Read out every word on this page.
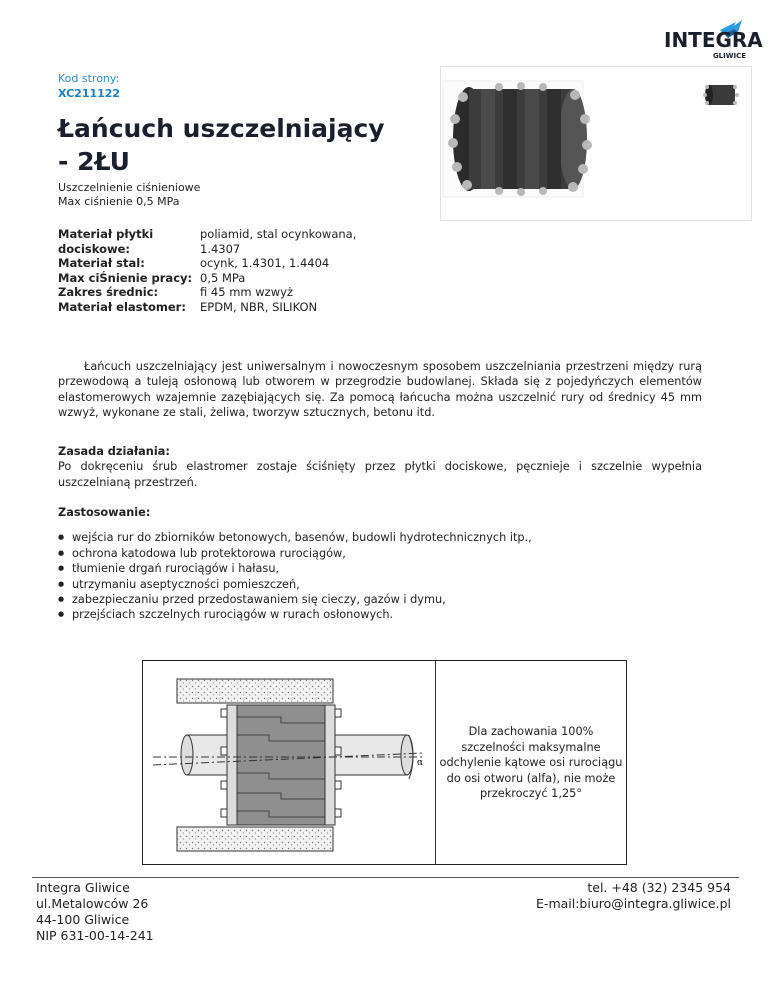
INTEGRA
GLIWICE
Kod strony:
XC211122
Łańcuch uszczelniający - 2ŁU
Uszczelnienie ciśnieniowe
Max ciśnienie 0,5 MPa
Materiał płytki dociskowe:	poliamid, stal ocynkowana, 1.4307
Materiał stal:	ocynk, 1.4301, 1.4404
Max ciŚnienie pracy:	0,5 MPa
Zakres średnic:	fi 45 mm wzwyż
Materiał elastomer:	EPDM, NBR, SILIKON

Łańcuch uszczelniający jest uniwersalnym i nowoczesnym sposobem uszczelniania przestrzeni między rurą przewodową a tuleją osłonową lub otworem w przegrodzie budowlanej. Składa się z pojedyńczych elementów elastomerowych wzajemnie zazębiających się. Za pomocą łańcucha można uszczelnić rury od średnicy 45 mm wzwyż, wykonane ze stali, żeliwa, tworzyw sztucznych, betonu itd.

Zasada działania:
Po dokręceniu śrub elastromer zostaje ściśnięty przez płytki dociskowe, pęcznieje i szczelnie wypełnia uszczelnianą przestrzeń.
Zastosowanie:
● wejścia rur do zbiorników betonowych, basenów, budowli hydrotechnicznych itp.,
● ochrona katodowa lub protektorowa rurociągów,
● tłumienie drgań rurociągów i hałasu,
● utrzymaniu aseptyczności pomieszczeń,
● zabezpieczaniu przed przedostawaniem się cieczy, gazów i dymu,
● przejściach szczelnych rurociągów w rurach osłonowych.
α
Dla zachowania 100% szczelności maksymalne odchylenie kątowe osi rurociągu do osi otworu (alfa), nie może przekroczyć 1,25°
Integra Gliwice
ul.Metalowców 26
44-100 Gliwice
NIP 631-00-14-241
tel. +48 (32) 2345 954
E-mail:biuro@integra.gliwice.pl
